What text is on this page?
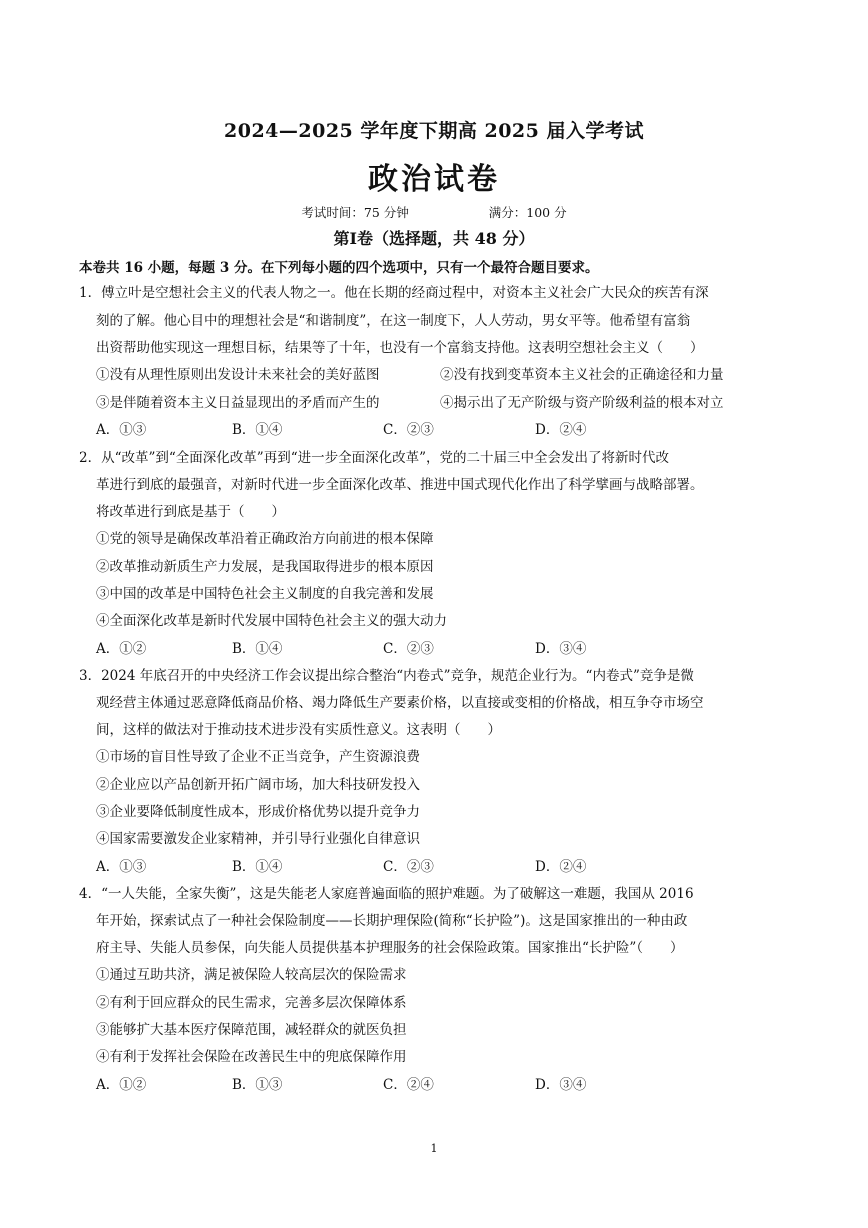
2024—2025 学年度下期高 2025 届入学考试
政治试卷
考试时间：75 分钟	满分：100 分
第Ⅰ卷（选择题，共 48 分）
本卷共 16 小题，每题 3 分。在下列每小题的四个选项中，只有一个最符合题目要求。
1．傅立叶是空想社会主义的代表人物之一。他在长期的经商过程中，对资本主义社会广大民众的疾苦有深
刻的了解。他心目中的理想社会是“和谐制度”，在这一制度下，人人劳动，男女平等。他希望有富翁
出资帮助他实现这一理想目标，结果等了十年，也没有一个富翁支持他。这表明空想社会主义（　　）
①没有从理性原则出发设计未来社会的美好蓝图	②没有找到变革资本主义社会的正确途径和力量
③是伴随着资本主义日益显现出的矛盾而产生的	④揭示出了无产阶级与资产阶级利益的根本对立
A．①③	B．①④	C．②③	D．②④
2．从“改革”到“全面深化改革”再到“进一步全面深化改革”，党的二十届三中全会发出了将新时代改
革进行到底的最强音，对新时代进一步全面深化改革、推进中国式现代化作出了科学擘画与战略部署。
将改革进行到底是基于（　　）
①党的领导是确保改革沿着正确政治方向前进的根本保障
②改革推动新质生产力发展，是我国取得进步的根本原因
③中国的改革是中国特色社会主义制度的自我完善和发展
④全面深化改革是新时代发展中国特色社会主义的强大动力
A．①②	B．①④	C．②③	D．③④
3．2024 年底召开的中央经济工作会议提出综合整治“内卷式”竞争，规范企业行为。“内卷式”竞争是微
观经营主体通过恶意降低商品价格、竭力降低生产要素价格，以直接或变相的价格战，相互争夺市场空
间，这样的做法对于推动技术进步没有实质性意义。这表明（　　）
①市场的盲目性导致了企业不正当竞争，产生资源浪费
②企业应以产品创新开拓广阔市场，加大科技研发投入
③企业要降低制度性成本，形成价格优势以提升竞争力
④国家需要激发企业家精神，并引导行业强化自律意识
A．①③	B．①④	C．②③	D．②④
4．“一人失能，全家失衡”，这是失能老人家庭普遍面临的照护难题。为了破解这一难题，我国从 2016
年开始，探索试点了一种社会保险制度——长期护理保险(简称“长护险”)。这是国家推出的一种由政
府主导、失能人员参保，向失能人员提供基本护理服务的社会保险政策。国家推出“长护险”（　　）
①通过互助共济，满足被保险人较高层次的保险需求
②有利于回应群众的民生需求，完善多层次保障体系
③能够扩大基本医疗保障范围，减轻群众的就医负担
④有利于发挥社会保险在改善民生中的兜底保障作用
A．①②	B．①③	C．②④	D．③④
1
